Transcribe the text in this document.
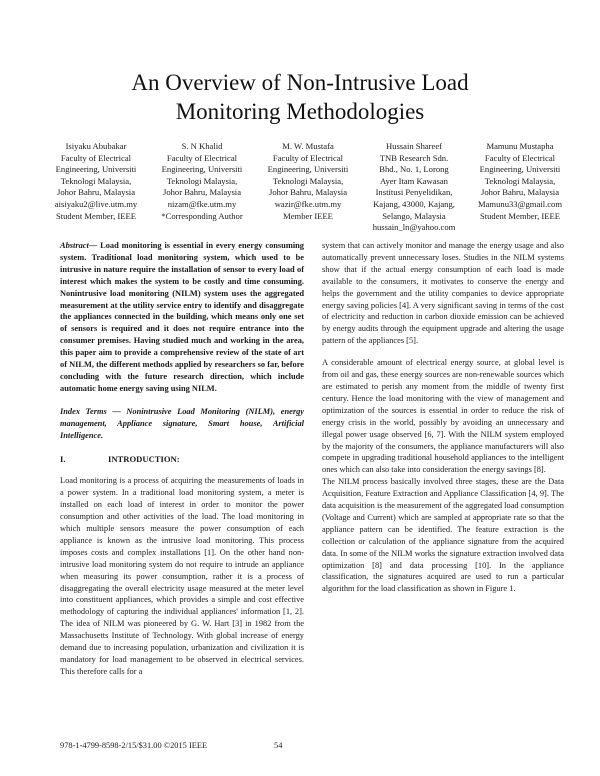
An Overview of Non-Intrusive Load
Monitoring Methodologies
Isiyaku Abubakar
Faculty of Electrical
Engineering, Universiti
Teknologi Malaysia,
Johor Bahru, Malaysia
aisiyaku2@live.utm.my
Student Member, IEEE
S. N Khalid
Faculty of Electrical
Engineering, Universiti
Teknologi Malaysia,
Johor Bahru, Malaysia
nizam@fke.utm.my
*Corresponding Author
M. W. Mustafa
Faculty of Electrical
Engineering, Universiti
Teknologi Malaysia,
Johor Bahru, Malaysia
wazir@fke.utm.my
Member IEEE
Hussain Shareef
TNB Research Sdn.
Bhd., No. 1, Lorong
Ayer Itam Kawasan
Institusi Penyelidikan,
Kajang, 43000, Kajang,
Selango, Malaysia
hussain_ln@yahoo.com
Mamunu Mustapha
Faculty of Electrical
Engineering, Universiti
Teknologi Malaysia,
Johor Bahru, Malaysia
Mamunu33@gmail.com
Student Member, IEEE

Abstract— Load monitoring is essential in every energy consuming system. Traditional load monitoring system, which used to be intrusive in nature require the installation of sensor to every load of interest which makes the system to be costly and time consuming. Nonintrusive load monitoring (NILM) system uses the aggregated measurement at the utility service entry to identify and disaggregate the appliances connected in the building, which means only one set of sensors is required and it does not require entrance into the consumer premises. Having studied much and working in the area, this paper aim to provide a comprehensive review of the state of art of NILM, the different methods applied by researchers so far, before concluding with the future research direction, which include automatic home energy saving using NILM.

Index Terms — Nonintrusive Load Monitoring (NILM), energy management, Appliance signature, Smart house, Artificial Intelligence.

I.	INTRODUCTION:

Load monitoring is a process of acquiring the measurements of loads in a power system. In a traditional load monitoring system, a meter is installed on each load of interest in order to monitor the power consumption and other activities of the load. The load monitoring in which multiple sensors measure the power consumption of each appliance is known as the intrusive load monitoring. This process imposes costs and complex installations [1]. On the other hand non-intrusive load monitoring system do not require to intrude an appliance when measuring its power consumption, rather it is a process of disaggregating the overall electricity usage measured at the meter level into constituent appliances, which provides a simple and cost effective methodology of capturing the individual appliances' information [1, 2]. The idea of NILM was pioneered by G. W. Hart [3] in 1982 from the Massachusetts Institute of Technology. With global increase of energy demand due to increasing population, urbanization and civilization it is mandatory for load management to be observed in electrical services. This therefore calls for a

system that can actively monitor and manage the energy usage and also automatically prevent unnecessary loses. Studies in the NILM systems show that if the actual energy consumption of each load is made available to the consumers, it motivates to conserve the energy and helps the government and the utility companies to device appropriate energy saving policies [4]. A very significant saving in terms of the cost of electricity and reduction in carbon dioxide emission can be achieved by energy audits through the equipment upgrade and altering the usage pattern of the appliances [5].

A considerable amount of electrical energy source, at global level is from oil and gas, these energy sources are non-renewable sources which are estimated to perish any moment from the middle of twenty first century. Hence the load monitoring with the view of management and optimization of the sources is essential in order to reduce the risk of energy crisis in the world, possibly by avoiding an unnecessary and illegal power usage observed [6, 7]. With the NILM system employed by the majority of the consumers, the appliance manufacturers will also compete in upgrading traditional household appliances to the intelligent ones which can also take into consideration the energy savings [8].

The NILM process basically involved three stages, these are the Data Acquisition, Feature Extraction and Appliance Classification [4, 9]. The data acquisition is the measurement of the aggregated load consumption (Voltage and Current) which are sampled at appropriate rate so that the appliance pattern can be identified. The feature extraction is the collection or calculation of the appliance signature from the acquired data. In some of the NILM works the signature extraction involved data optimization [8] and data processing [10]. In the appliance classification, the signatures acquired are used to run a particular algorithm for the load classification as shown in Figure 1.

978-1-4799-8598-2/15/$31.00 ©2015 IEEE	54
